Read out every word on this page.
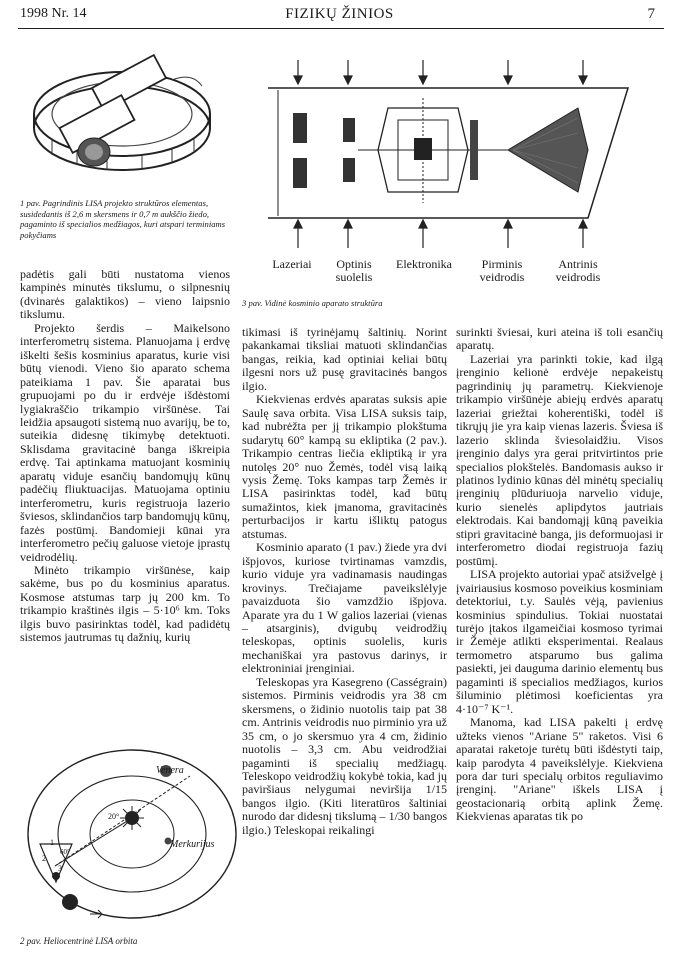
1998 Nr. 14	FIZIKŲ ŽINIOS	7
1 pav. Pagrindinis LISA projekto struktūros elementas, susidedantis iš 2,6 m skersmens ir 0,7 m aukščio žiedo, pagaminto iš specialios medžiagos, kuri atspari terminiams pokyčiams
Lazeriai	Optinis suolelis
Elektronika	Pirminis veidrodis
Antrinis veidrodis
3 pav. Vidinė kosminio aparato struktūra

padėtis gali būti nustatoma vienos kampinės minutės tikslumu, o silpnesnių (dvinarės galaktikos) – vieno laipsnio tikslumu.

Projekto šerdis – Maikelsono interferometrų sistema. Planuojama į erdvę iškelti šešis kosminius aparatus, kurie visi būtų vienodi. Vieno šio aparato schema pateikiama 1 pav. Šie aparatai bus grupuojami po du ir erdvėje išdėstomi lygiakraščio trikampio viršūnėse. Tai leidžia apsaugoti sistemą nuo avarijų, be to, suteikia didesnę tikimybę detektuoti. Sklisdama gravitacinė banga iškreipia erdvę. Tai aptinkama matuojant kosminių aparatų viduje esančių bandomųjų kūnų padėčių fliuktuacijas. Matuojama optiniu interferometru, kuris registruoja lazerio šviesos, sklindančios tarp bandomųjų kūnų, fazės postūmį. Bandomieji kūnai yra interferometro pečių galuose vietoje įprastų veidrodėlių.

Minėto trikampio viršūnėse, kaip sakėme, bus po du kosminius aparatus. Kosmose atstumas tarp jų 200 km. To trikampio kraštinės ilgis – 5·10⁶ km. Toks ilgis buvo pasirinktas todėl, kad padidėtų sistemos jautrumas tų dažnių, kurių

Venera
Merkurijus
20°
60°
1
2
3
2 pav. Heliocentrinė LISA orbita

tikimasi iš tyrinėjamų šaltinių. Norint pakankamai tiksliai matuoti sklindančias bangas, reikia, kad optiniai keliai būtų ilgesni nors už pusę gravitacinės bangos ilgio.

Kiekvienas erdvės aparatas suksis apie Saulę sava orbita. Visa LISA suksis taip, kad nubrėžta per jį trikampio plokštuma sudarytų 60° kampą su ekliptika (2 pav.). Trikampio centras liečia ekliptiką ir yra nutolęs 20° nuo Žemės, todėl visą laiką vysis Žemę. Toks kampas tarp Žemės ir LISA pasirinktas todėl, kad būtų sumažintos, kiek įmanoma, gravitacinės perturbacijos ir kartu išliktų patogus atstumas.

Kosminio aparato (1 pav.) žiede yra dvi išpjovos, kuriose tvirtinamas vamzdis, kurio viduje yra vadinamasis naudingas krovinys. Trečiajame paveikslėlyje pavaizduota šio vamzdžio išpjova. Aparate yra du 1 W galios lazeriai (vienas – atsarginis), dvigubų veidrodžių teleskopas, optinis suolelis, kuris mechaniškai yra pastovus darinys, ir elektroniniai įrenginiai.

Teleskopas yra Kasegreno (Casségrain) sistemos. Pirminis veidrodis yra 38 cm skersmens, o židinio nuotolis taip pat 38 cm. Antrinis veidrodis nuo pirminio yra už 35 cm, o jo skersmuo yra 4 cm, židinio nuotolis – 3,3 cm. Abu veidrodžiai pagaminti iš specialių medžiagų. Teleskopo veidrodžių kokybė tokia, kad jų paviršiaus nelygumai neviršija 1/15 bangos ilgio. (Kiti literatūros šaltiniai nurodo dar didesnį tikslumą – 1/30 bangos ilgio.) Teleskopai reikalingi

surinkti šviesai, kuri ateina iš toli esančių aparatų.

Lazeriai yra parinkti tokie, kad ilgą įrenginio kelionė erdvėje nepakeistų pagrindinių jų parametrų. Kiekvienoje trikampio viršūnėje abiejų erdvės aparatų lazeriai griežtai koherentiški, todėl iš tikrųjų jie yra kaip vienas lazeris. Šviesa iš lazerio sklinda šviesolaidžiu. Visos įrenginio dalys yra gerai pritvirtintos prie specialios plokštelės. Bandomasis aukso ir platinos lydinio kūnas dėl minėtų specialių įrenginių plūduriuoja narvelio viduje, kurio sienelės aplipdytos jautriais elektrodais. Kai bandomąjį kūną paveikia stipri gravitacinė banga, jis deformuojasi ir interferometro diodai registruoja fazių postūmį.

LISA projekto autoriai ypač atsižvelgė į įvairiausius kosmoso poveikius kosminiam detektoriui, t.y. Saulės vėją, pavienius kosminius spindulius. Tokiai nuostatai turėjo įtakos ilgameičiai kosmoso tyrimai ir Žemėje atlikti eksperimentai. Realaus termometro atsparumo bus galima pasiekti, jei dauguma darinio elementų bus pagaminti iš specialios medžiagos, kurios šiluminio plėtimosi koeficientas yra 4·10⁻⁷ K⁻¹.

Manoma, kad LISA pakelti į erdvę užteks vienos "Ariane 5" raketos. Visi 6 aparatai raketoje turėtų būti išdėstyti taip, kaip parodyta 4 paveikslėlyje. Kiekviena pora dar turi specialų orbitos reguliavimo įrenginį. "Ariane" iškels LISA į geostacionarią orbitą aplink Žemę. Kiekvienas aparatas tik po
